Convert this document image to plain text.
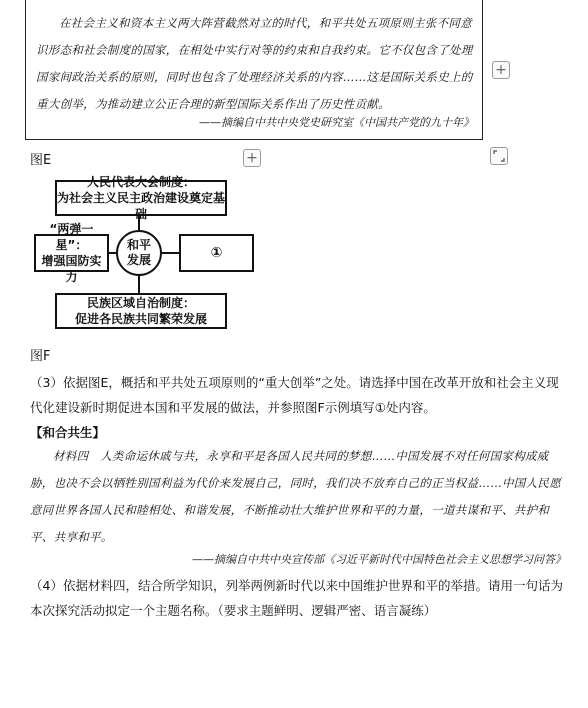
在社会主义和资本主义两大阵营截然对立的时代，和平共处五项原则主张不同意识形态和社会制度的国家，在相处中实行对等的约束和自我约束。它不仅包含了处理国家间政治关系的原则，同时也包含了处理经济关系的内容……这是国际关系史上的重大创举，为推动建立公正合理的新型国际关系作出了历史性贡献。

——摘编自中共中央党史研究室《中国共产党的九十年》
+
图E	+
人民代表大会制度：
为社会主义民主政治建设奠定基础
“两弹一星”：
增强国防实力
和平
发展	①
民族区域自治制度：
促进各民族共同繁荣发展
图F
（3）依据图E，概括和平共处五项原则的“重大创举”之处。请选择中国在改革开放和社会主义现代化建设新时期促进本国和平发展的做法，并参照图F示例填写①处内容。
【和合共生】
材料四　人类命运休戚与共，永享和平是各国人民共同的梦想……中国发展不对任何国家构成威胁，也决不会以牺牲别国利益为代价来发展自己，同时，我们决不放弃自己的正当权益……中国人民愿意同世界各国人民和睦相处、和谐发展，不断推动壮大维护世界和平的力量，一道共谋和平、共护和平、共享和平。
——摘编自中共中央宣传部《习近平新时代中国特色社会主义思想学习问答》
（4）依据材料四，结合所学知识，列举两例新时代以来中国维护世界和平的举措。请用一句话为本次探究活动拟定一个主题名称。（要求主题鲜明、逻辑严密、语言凝练）
